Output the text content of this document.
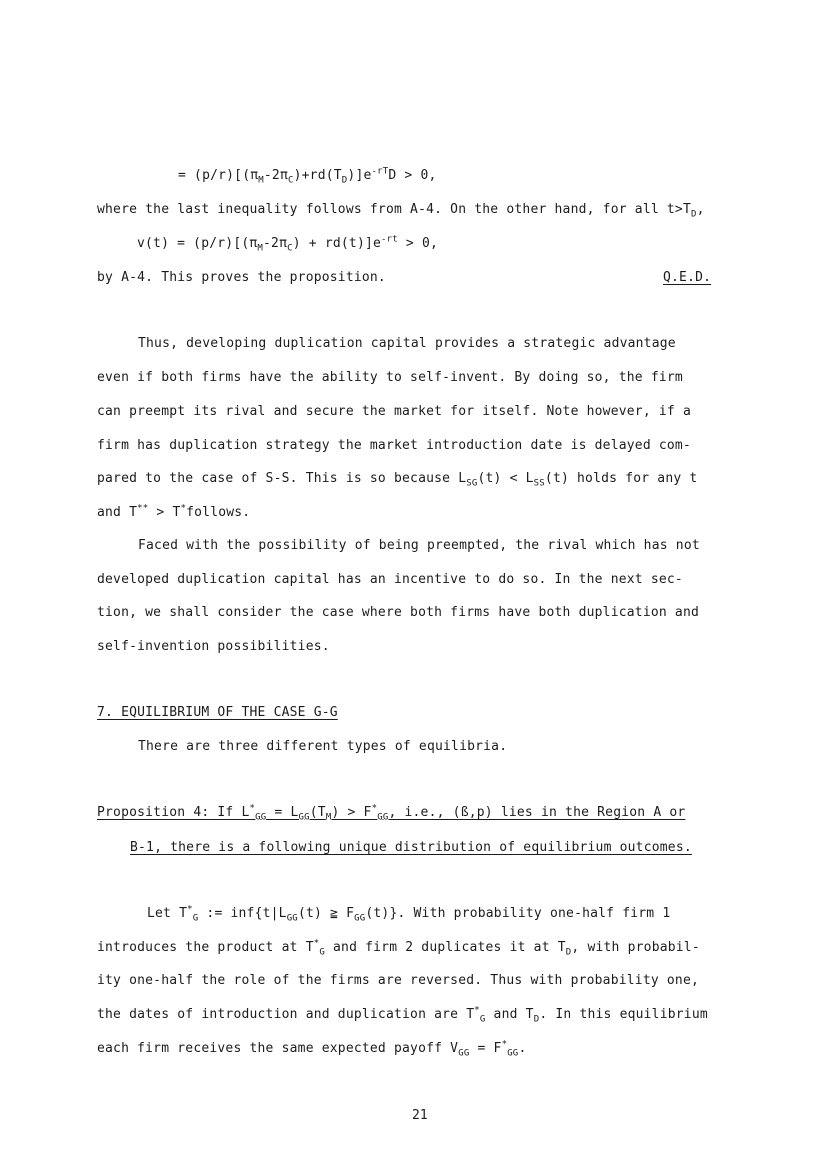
= $(p/r)[(\pi_M-2\pi_C)+rd(T_D)]e^{-rT}D > 0$,
where the last inequality follows from A-4. On the other hand, for all $t>T_D$,
$v(t) = (p/r)[(\pi_M-2\pi_C) + rd(t)]e^{-rt} > 0$,
by A-4. This proves the proposition.	Q.E.D.
Thus, developing duplication capital provides a strategic advantage
even if both firms have the ability to self-invent. By doing so, the firm
can preempt its rival and secure the market for itself. Note however, if a
firm has duplication strategy the market introduction date is delayed com-
pared to the case of S-S. This is so because $L_{SG}(t) < L_{SS}(t)$ holds for any t
and T** > T*follows.
Faced with the possibility of being preempted, the rival which has not
developed duplication capital has an incentive to do so. In the next sec-
tion, we shall consider the case where both firms have both duplication and
self-invention possibilities.
7. EQUILIBRIUM OF THE CASE G-G
There are three different types of equilibria.
Proposition 4: If $L^*_{GG} = L_{GG}(T_M) > F^*_{GG}$, i.e., (ß,p) lies in the Region A or
B-1, there is a following unique distribution of equilibrium outcomes.
Let $T^*_G$ := $inf\{t|L_{GG}(t)$ ≧ $F_{GG}(t)$}. With probability one-half firm 1
introduces the product at $T^*_G$ and firm 2 duplicates it at $T_D$, with probabil-
ity one-half the role of the firms are reversed. Thus with probability one,
the dates of introduction and duplication are $T^*_G$ and $T_D$. In this equilibrium
each firm receives the same expected payoff $V_{GG} = F^*_{GG}$.
21
